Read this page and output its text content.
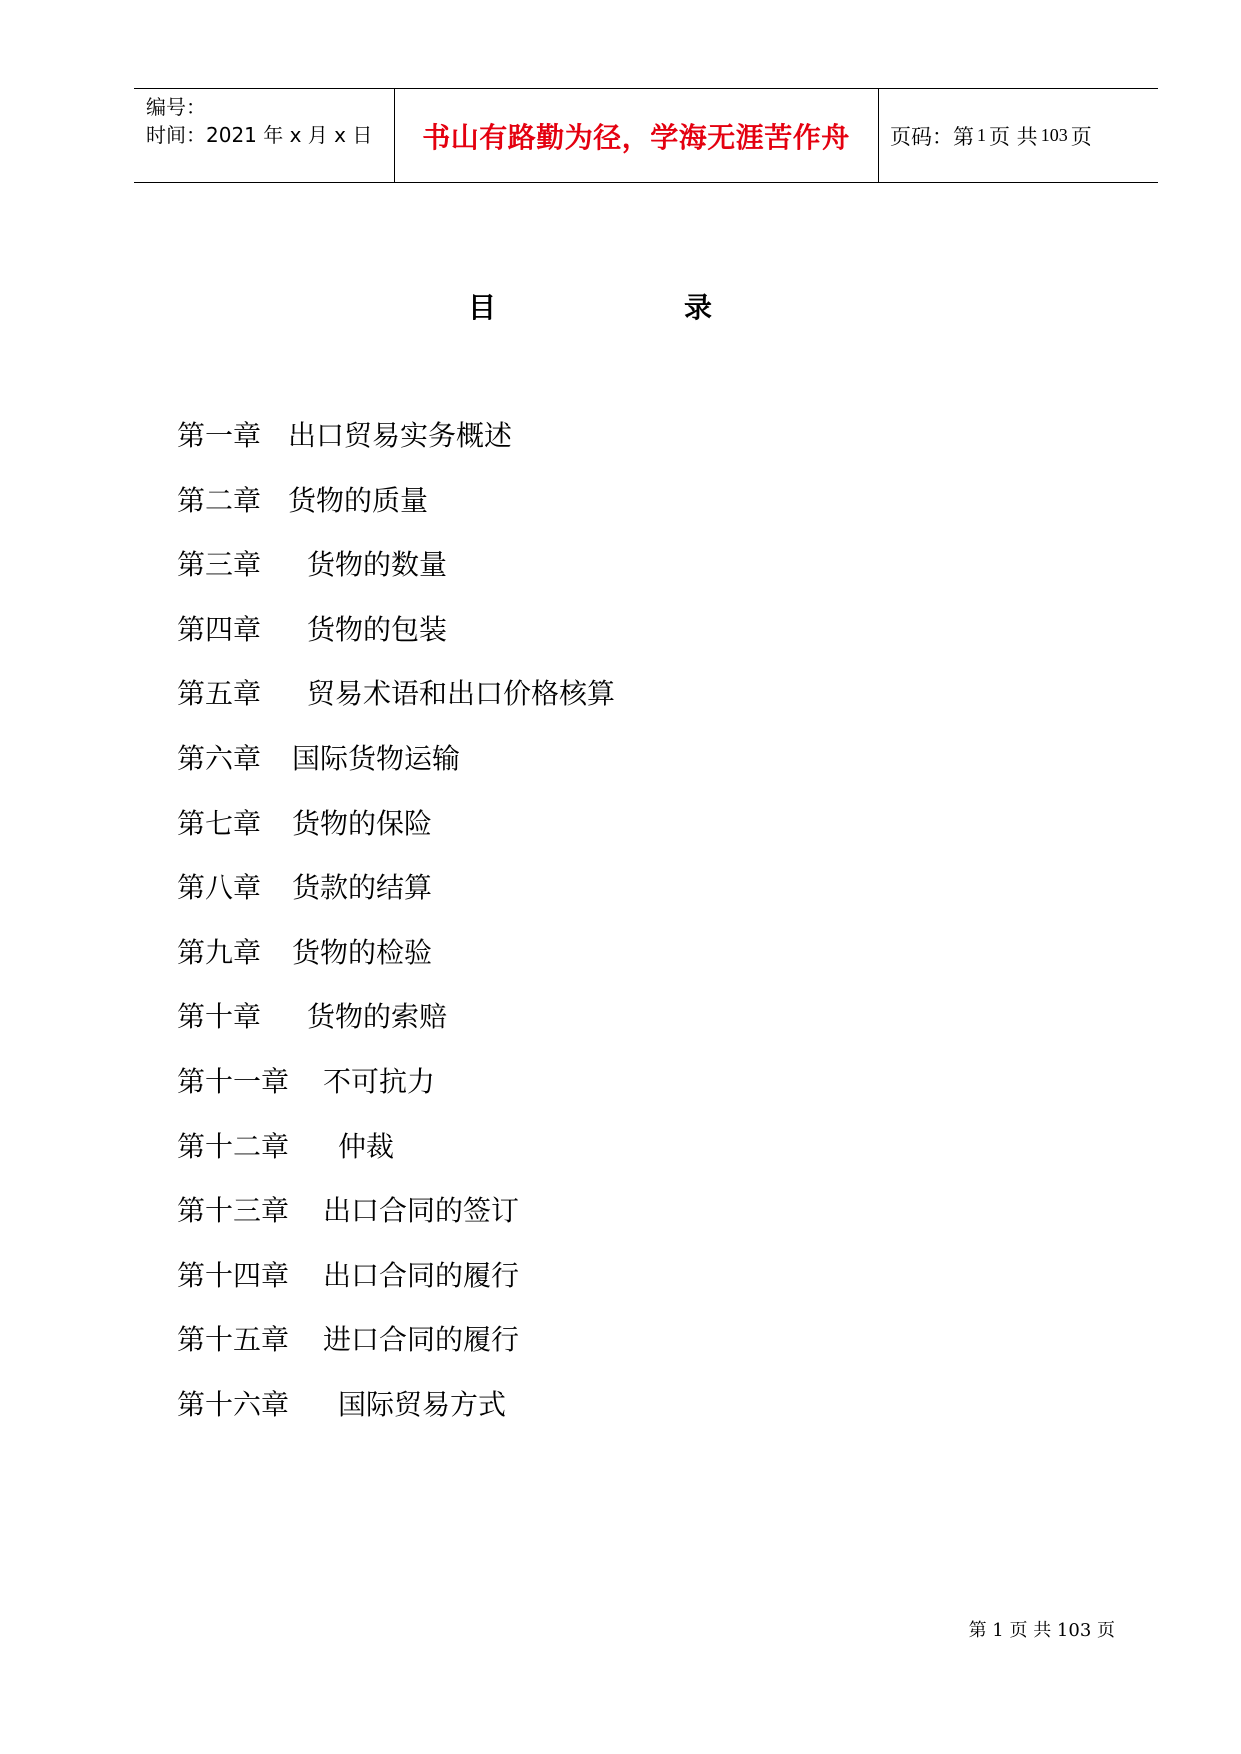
编号：
时间：2021 年 x 月 x 日	书山有路勤为径，学海无涯苦作舟	页码：第 1 页 共 103 页
目	录
第一章 出口贸易实务概述
第二章 货物的质量
第三章 货物的数量
第四章 货物的包装
第五章 贸易术语和出口价格核算
第六章 国际货物运输
第七章 货物的保险
第八章 货款的结算
第九章 货物的检验
第十章 货物的索赔
第十一章 不可抗力
第十二章 仲裁
第十三章 出口合同的签订
第十四章 出口合同的履行
第十五章 进口合同的履行
第十六章 国际贸易方式
第 1 页 共 103 页
